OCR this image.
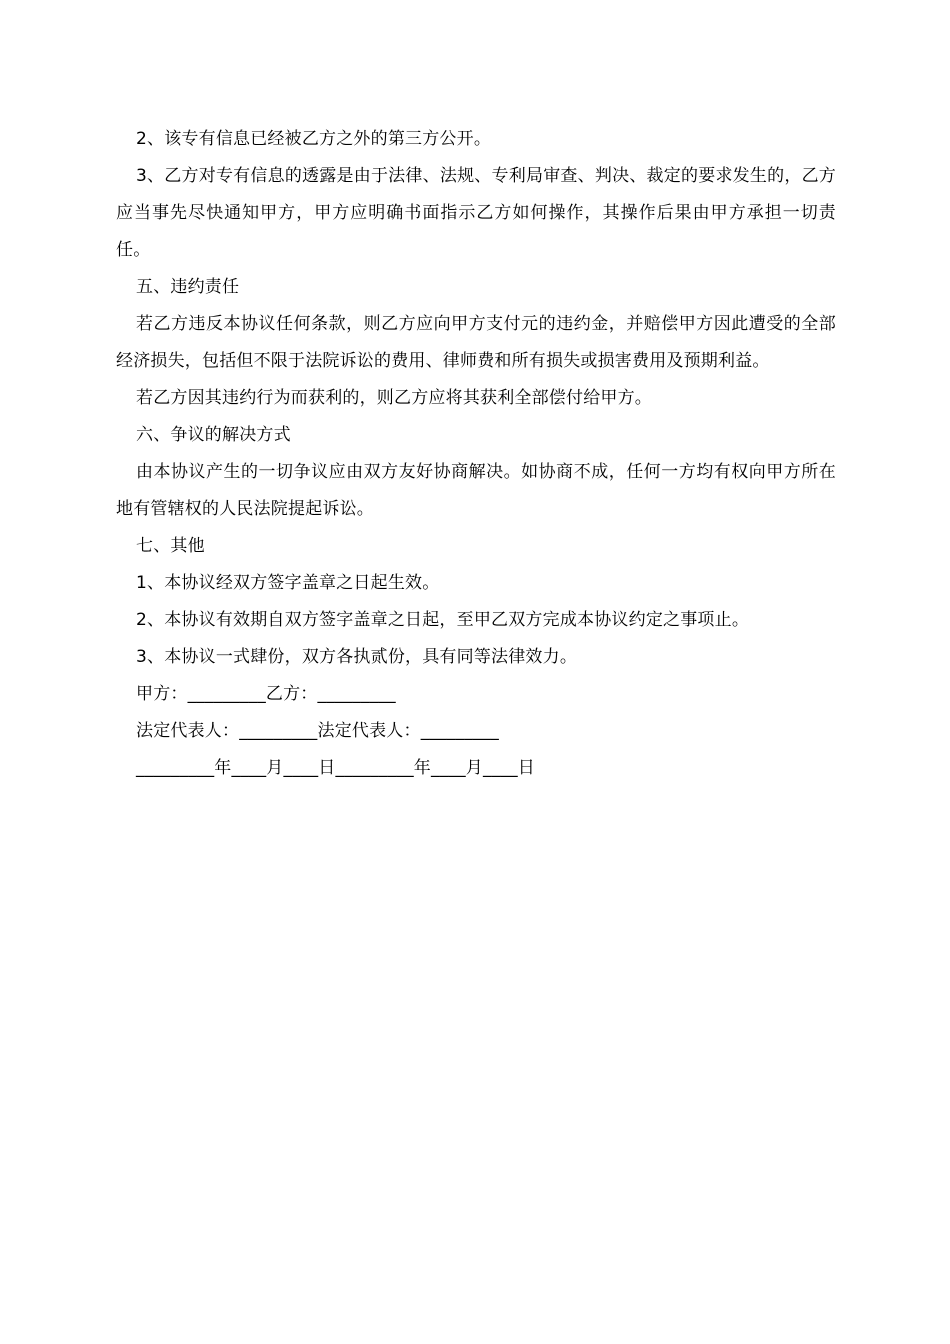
2、该专有信息已经被乙方之外的第三方公开。

3、乙方对专有信息的透露是由于法律、法规、专利局审查、判决、裁定的要求发生的，乙方应当事先尽快通知甲方，甲方应明确书面指示乙方如何操作，其操作后果由甲方承担一切责任。

五、违约责任

若乙方违反本协议任何条款，则乙方应向甲方支付元的违约金，并赔偿甲方因此遭受的全部经济损失，包括但不限于法院诉讼的费用、律师费和所有损失或损害费用及预期利益。

若乙方因其违约行为而获利的，则乙方应将其获利全部偿付给甲方。

六、争议的解决方式

由本协议产生的一切争议应由双方友好协商解决。如协商不成，任何一方均有权向甲方所在地有管辖权的人民法院提起诉讼。

七、其他

1、本协议经双方签字盖章之日起生效。

2、本协议有效期自双方签字盖章之日起，至甲乙双方完成本协议约定之事项止。

3、本协议一式肆份，双方各执贰份，具有同等法律效力。

甲方：_________乙方：_________

法定代表人：_________法定代表人：_________

_________年____月____日_________年____月____日
